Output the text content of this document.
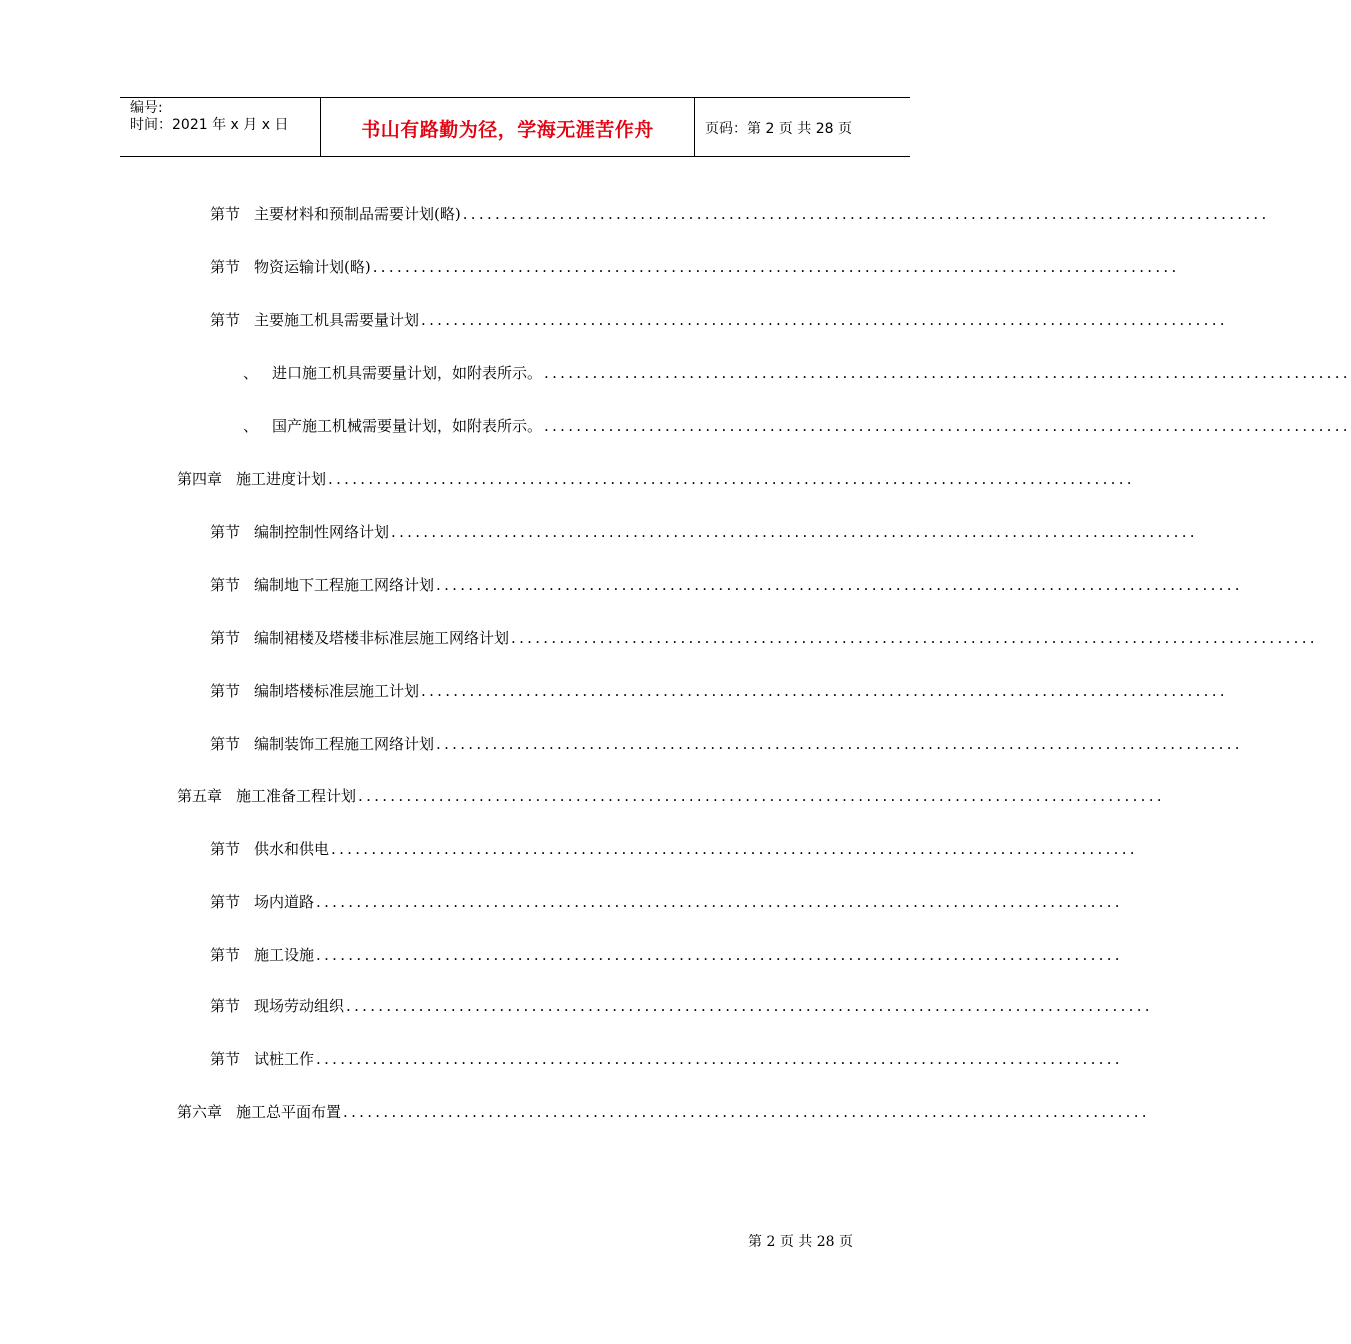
编号:
时间：2021 年 x 月 x 日	书山有路勤为径，学海无涯苦作舟	页码：第 2 页 共 28 页
第节 主要材料和预制品需要计划(略) ....................................................................................................
第节 物资运输计划(略) ....................................................................................................
第节 主要施工机具需要量计划 ....................................................................................................
、 进口施工机具需要量计划，如附表所示。 ....................................................................................................
、 国产施工机械需要量计划，如附表所示。 ....................................................................................................
第四章 施工进度计划 ....................................................................................................
第节 编制控制性网络计划 ....................................................................................................
第节 编制地下工程施工网络计划 ....................................................................................................
第节 编制裙楼及塔楼非标准层施工网络计划 ....................................................................................................
第节 编制塔楼标准层施工计划 ....................................................................................................
第节 编制装饰工程施工网络计划 ....................................................................................................
第五章 施工准备工程计划 ....................................................................................................
第节 供水和供电 ....................................................................................................
第节 场内道路 ....................................................................................................
第节 施工设施 ....................................................................................................
第节 现场劳动组织 ....................................................................................................
第节 试桩工作 ....................................................................................................
第六章 施工总平面布置 ....................................................................................................
第 2 页 共 28 页
